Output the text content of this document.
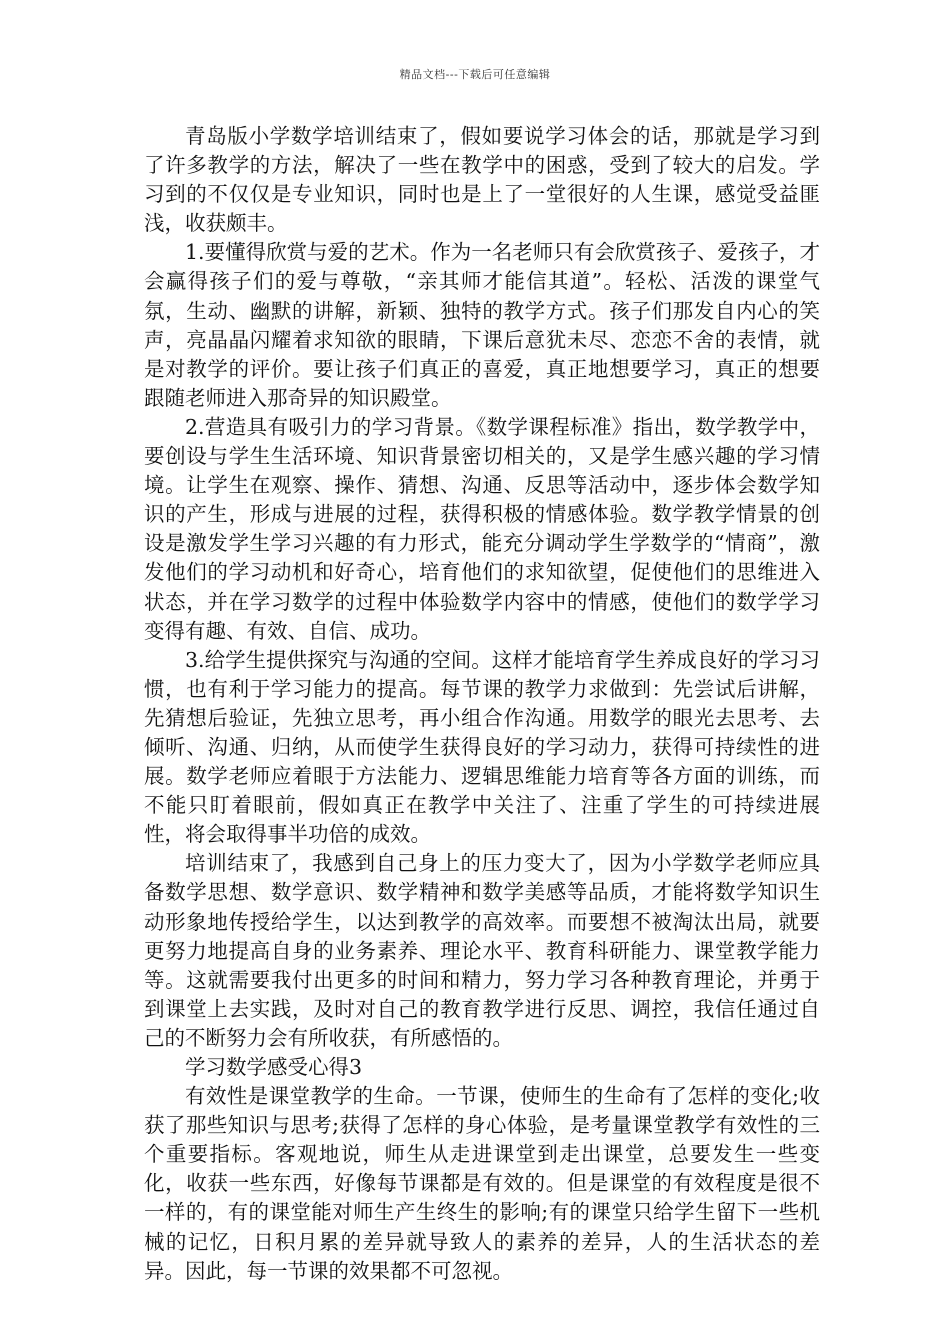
精品文档---下载后可任意编辑

青岛版小学数学培训结束了，假如要说学习体会的话，那就是学习到了许多教学的方法，解决了一些在教学中的困惑，受到了较大的启发。学习到的不仅仅是专业知识，同时也是上了一堂很好的人生课，感觉受益匪浅，收获颇丰。

1.要懂得欣赏与爱的艺术。作为一名老师只有会欣赏孩子、爱孩子，才会赢得孩子们的爱与尊敬，“亲其师才能信其道”。轻松、活泼的课堂气氛，生动、幽默的讲解，新颖、独特的教学方式。孩子们那发自内心的笑声，亮晶晶闪耀着求知欲的眼睛，下课后意犹未尽、恋恋不舍的表情，就是对教学的评价。要让孩子们真正的喜爱，真正地想要学习，真正的想要跟随老师进入那奇异的知识殿堂。

2.营造具有吸引力的学习背景。《数学课程标准》指出，数学教学中，要创设与学生生活环境、知识背景密切相关的，又是学生感兴趣的学习情境。让学生在观察、操作、猜想、沟通、反思等活动中，逐步体会数学知识的产生，形成与进展的过程，获得积极的情感体验。数学教学情景的创设是激发学生学习兴趣的有力形式，能充分调动学生学数学的“情商”，激发他们的学习动机和好奇心，培育他们的求知欲望，促使他们的思维进入状态，并在学习数学的过程中体验数学内容中的情感，使他们的数学学习变得有趣、有效、自信、成功。

3.给学生提供探究与沟通的空间。这样才能培育学生养成良好的学习习惯，也有利于学习能力的提高。每节课的教学力求做到：先尝试后讲解，先猜想后验证，先独立思考，再小组合作沟通。用数学的眼光去思考、去倾听、沟通、归纳，从而使学生获得良好的学习动力，获得可持续性的进展。数学老师应着眼于方法能力、逻辑思维能力培育等各方面的训练，而不能只盯着眼前，假如真正在教学中关注了、注重了学生的可持续进展性，将会取得事半功倍的成效。

培训结束了，我感到自己身上的压力变大了，因为小学数学老师应具备数学思想、数学意识、数学精神和数学美感等品质，才能将数学知识生动形象地传授给学生，以达到教学的高效率。而要想不被淘汰出局，就要更努力地提高自身的业务素养、理论水平、教育科研能力、课堂教学能力等。这就需要我付出更多的时间和精力，努力学习各种教育理论，并勇于到课堂上去实践，及时对自己的教育教学进行反思、调控，我信任通过自己的不断努力会有所收获，有所感悟的。

学习数学感受心得3

有效性是课堂教学的生命。一节课，使师生的生命有了怎样的变化;收获了那些知识与思考;获得了怎样的身心体验，是考量课堂教学有效性的三个重要指标。客观地说，师生从走进课堂到走出课堂，总要发生一些变化，收获一些东西，好像每节课都是有效的。但是课堂的有效程度是很不一样的，有的课堂能对师生产生终生的影响;有的课堂只给学生留下一些机械的记忆，日积月累的差异就导致人的素养的差异，人的生活状态的差异。因此，每一节课的效果都不可忽视。
